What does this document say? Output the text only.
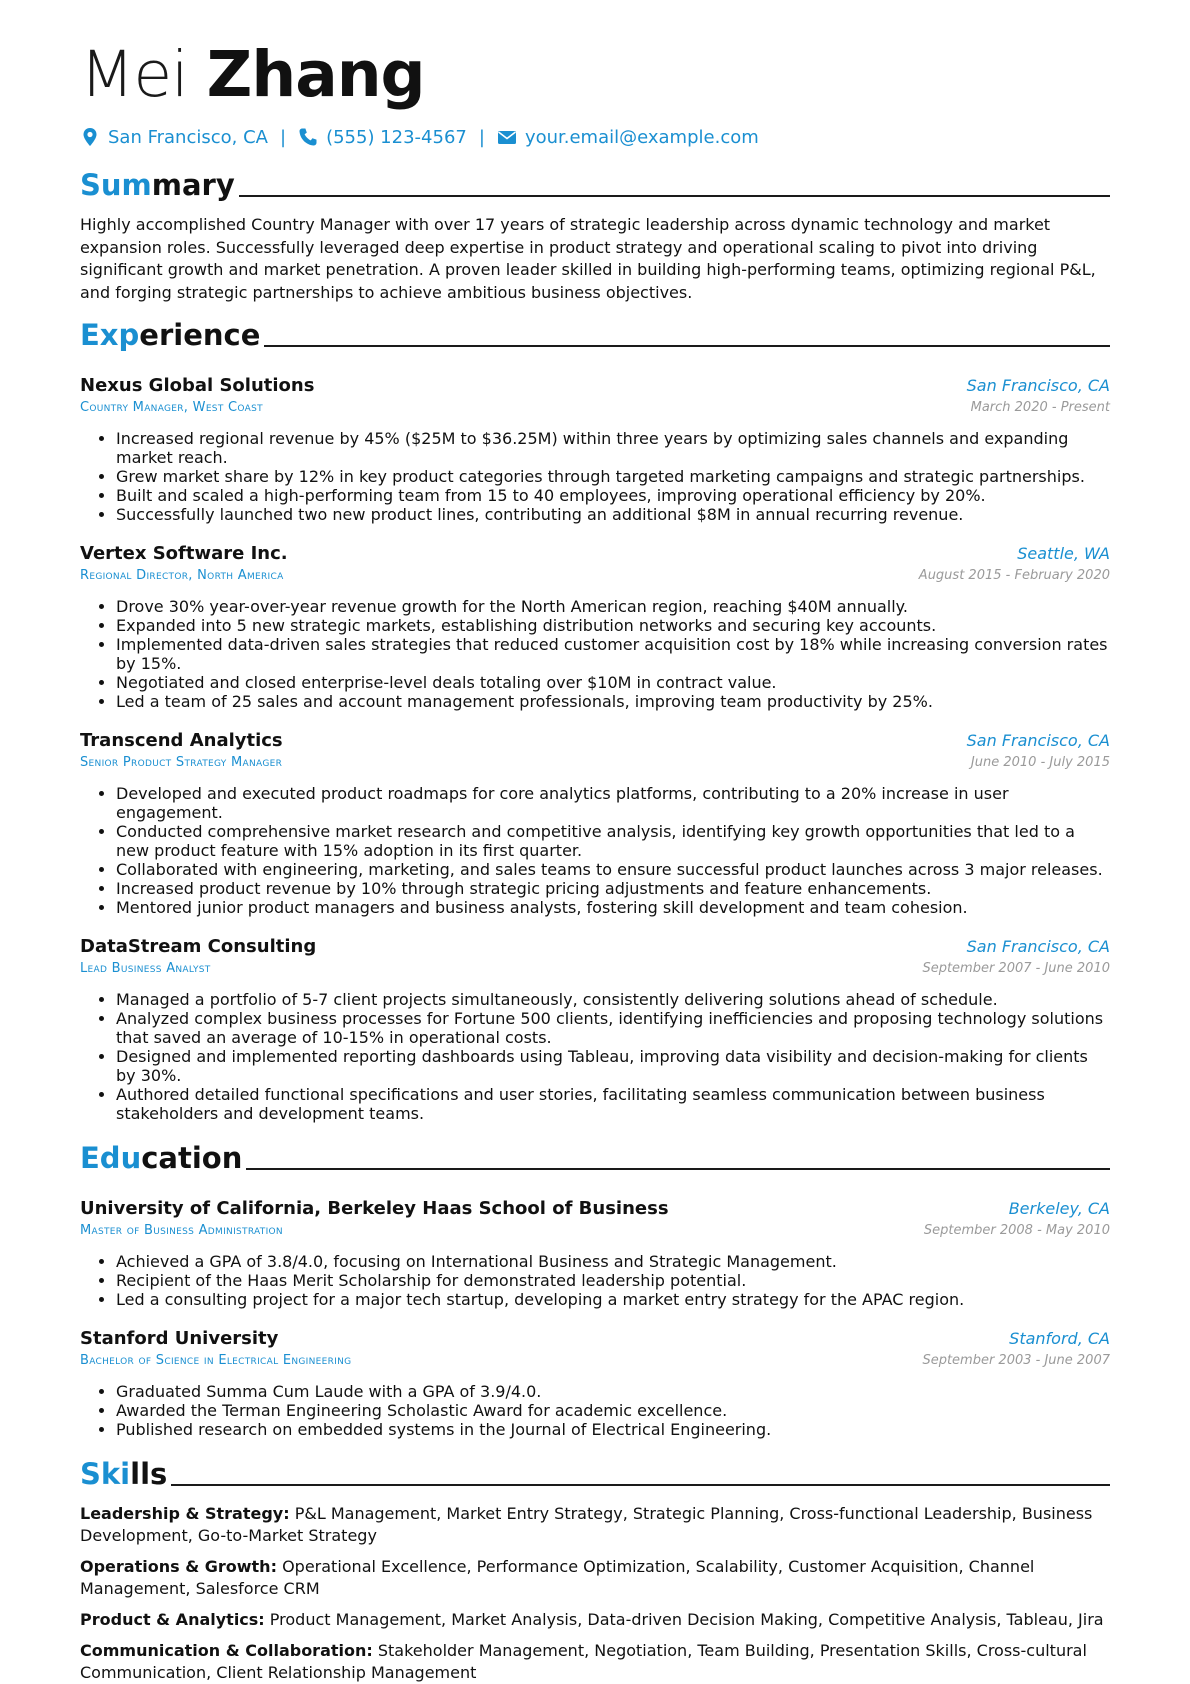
Mei Zhang
San Francisco, CA | (555) 123-4567 | your.email@example.com
Summary
Highly accomplished Country Manager with over 17 years of strategic leadership across dynamic technology and market expansion roles. Successfully leveraged deep expertise in product strategy and operational scaling to pivot into driving significant growth and market penetration. A proven leader skilled in building high-performing teams, optimizing regional P&L, and forging strategic partnerships to achieve ambitious business objectives.
Experience
Nexus Global Solutions	San Francisco, CA
Country Manager, West Coast	March 2020 - Present
• Increased regional revenue by 45% ($25M to $36.25M) within three years by optimizing sales channels and expanding market reach.
• Grew market share by 12% in key product categories through targeted marketing campaigns and strategic partnerships.
• Built and scaled a high-performing team from 15 to 40 employees, improving operational efficiency by 20%.
• Successfully launched two new product lines, contributing an additional $8M in annual recurring revenue.
Vertex Software Inc.	Seattle, WA
Regional Director, North America	August 2015 - February 2020
• Drove 30% year-over-year revenue growth for the North American region, reaching $40M annually.
• Expanded into 5 new strategic markets, establishing distribution networks and securing key accounts.
• Implemented data-driven sales strategies that reduced customer acquisition cost by 18% while increasing conversion rates by 15%.
• Negotiated and closed enterprise-level deals totaling over $10M in contract value.
• Led a team of 25 sales and account management professionals, improving team productivity by 25%.
Transcend Analytics	San Francisco, CA
Senior Product Strategy Manager	June 2010 - July 2015
• Developed and executed product roadmaps for core analytics platforms, contributing to a 20% increase in user engagement.
• Conducted comprehensive market research and competitive analysis, identifying key growth opportunities that led to a new product feature with 15% adoption in its first quarter.
• Collaborated with engineering, marketing, and sales teams to ensure successful product launches across 3 major releases.
• Increased product revenue by 10% through strategic pricing adjustments and feature enhancements.
• Mentored junior product managers and business analysts, fostering skill development and team cohesion.
DataStream Consulting	San Francisco, CA
Lead Business Analyst	September 2007 - June 2010
• Managed a portfolio of 5-7 client projects simultaneously, consistently delivering solutions ahead of schedule.
• Analyzed complex business processes for Fortune 500 clients, identifying inefficiencies and proposing technology solutions that saved an average of 10-15% in operational costs.
• Designed and implemented reporting dashboards using Tableau, improving data visibility and decision-making for clients by 30%.
• Authored detailed functional specifications and user stories, facilitating seamless communication between business stakeholders and development teams.
Education
University of California, Berkeley Haas School of Business	Berkeley, CA
Master of Business Administration	September 2008 - May 2010
• Achieved a GPA of 3.8/4.0, focusing on International Business and Strategic Management.
• Recipient of the Haas Merit Scholarship for demonstrated leadership potential.
• Led a consulting project for a major tech startup, developing a market entry strategy for the APAC region.
Stanford University	Stanford, CA
Bachelor of Science in Electrical Engineering	September 2003 - June 2007
• Graduated Summa Cum Laude with a GPA of 3.9/4.0.
• Awarded the Terman Engineering Scholastic Award for academic excellence.
• Published research on embedded systems in the Journal of Electrical Engineering.
Skills
Leadership & Strategy: P&L Management, Market Entry Strategy, Strategic Planning, Cross-functional Leadership, Business Development, Go-to-Market Strategy
Operations & Growth: Operational Excellence, Performance Optimization, Scalability, Customer Acquisition, Channel Management, Salesforce CRM
Product & Analytics: Product Management, Market Analysis, Data-driven Decision Making, Competitive Analysis, Tableau, Jira
Communication & Collaboration: Stakeholder Management, Negotiation, Team Building, Presentation Skills, Cross-cultural Communication, Client Relationship Management
